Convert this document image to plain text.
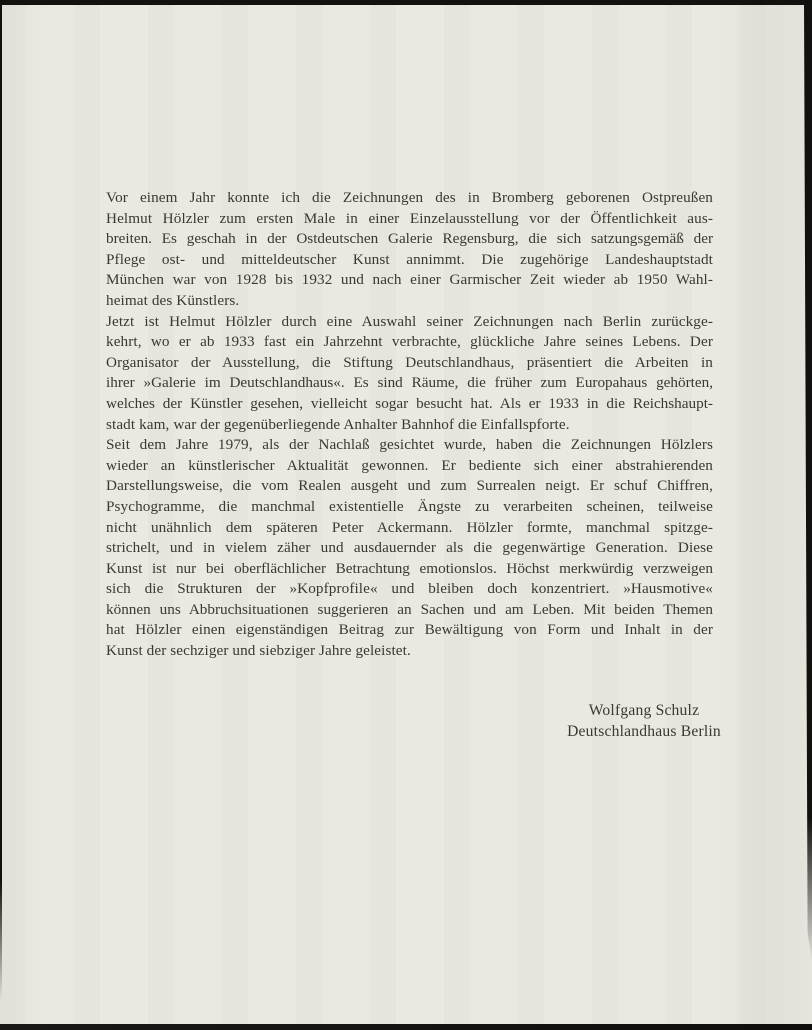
Vor einem Jahr konnte ich die Zeichnungen des in Bromberg geborenen Ostpreußen
Helmut Hölzler zum ersten Male in einer Einzelausstellung vor der Öffentlichkeit aus-
breiten. Es geschah in der Ostdeutschen Galerie Regensburg, die sich satzungsgemäß der
Pflege ost- und mitteldeutscher Kunst annimmt. Die zugehörige Landeshauptstadt
München war von 1928 bis 1932 und nach einer Garmischer Zeit wieder ab 1950 Wahl-
heimat des Künstlers.
Jetzt ist Helmut Hölzler durch eine Auswahl seiner Zeichnungen nach Berlin zurückge-
kehrt, wo er ab 1933 fast ein Jahrzehnt verbrachte, glückliche Jahre seines Lebens. Der
Organisator der Ausstellung, die Stiftung Deutschlandhaus, präsentiert die Arbeiten in
ihrer »Galerie im Deutschlandhaus«. Es sind Räume, die früher zum Europahaus gehörten,
welches der Künstler gesehen, vielleicht sogar besucht hat. Als er 1933 in die Reichshaupt-
stadt kam, war der gegenüberliegende Anhalter Bahnhof die Einfallspforte.
Seit dem Jahre 1979, als der Nachlaß gesichtet wurde, haben die Zeichnungen Hölzlers
wieder an künstlerischer Aktualität gewonnen. Er bediente sich einer abstrahierenden
Darstellungsweise, die vom Realen ausgeht und zum Surrealen neigt. Er schuf Chiffren,
Psychogramme, die manchmal existentielle Ängste zu verarbeiten scheinen, teilweise
nicht unähnlich dem späteren Peter Ackermann. Hölzler formte, manchmal spitzge-
strichelt, und in vielem zäher und ausdauernder als die gegenwärtige Generation. Diese
Kunst ist nur bei oberflächlicher Betrachtung emotionslos. Höchst merkwürdig verzweigen
sich die Strukturen der »Kopfprofile« und bleiben doch konzentriert. »Hausmotive«
können uns Abbruchsituationen suggerieren an Sachen und am Leben. Mit beiden Themen
hat Hölzler einen eigenständigen Beitrag zur Bewältigung von Form und Inhalt in der
Kunst der sechziger und siebziger Jahre geleistet.
Wolfgang Schulz
Deutschlandhaus Berlin
